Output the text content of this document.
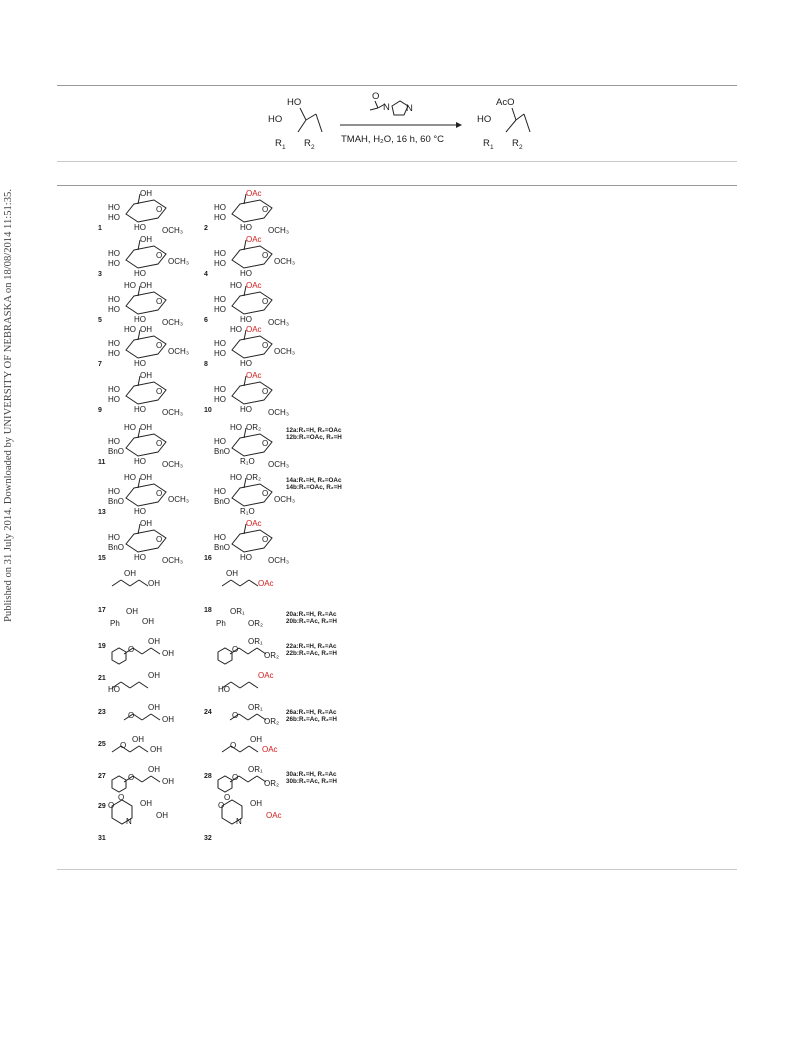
Published on 31 July 2014. Downloaded by UNIVERSITY OF NEBRASKA on 18/08/2014 11:51:35.
HO
HO
R 1 R 2
O
N N
TMAH, H₂O, 16 h, 60 °C
AcO
HO
R 1 R 2
1	2
O
OH
HO
HO
HO OCH₃
O
OAc
HO
HO
HO OCH₃
3	4
O
OH
HO
HO
HO
OCH₃
O
OAc
HO
HO
HO
OCH₃
5	6
O
OH
HO
HO
HO
HO OCH₃
O
OAc
HO
HO
HO
HO OCH₃
7	8
O
OH
HO
HO
HO
HO
OCH₃
O
OAc
HO
HO
HO
HO
OCH₃
9	10
O
OH
HO
HO
HO OCH₃
O
OAc
HO
HO
HO OCH₃
11
12a:R₁=H, R₂=OAc
12b:R₁=OAc, R₂=H
O
OH
HO
HO
BnO
HO OCH₃
O
OR₂
HO
HO
BnO
R₁O OCH₃
13
14a:R₁=H, R₂=OAc
14b:R₁=OAc, R₂=H
O
OH
HO
HO
BnO
HO
OCH₃
O
OR₂
HO
HO
BnO
R₁O
OCH₃
15	16
O
OH
HO
BnO
HO OCH₃
O
OAc
HO
BnO
HO OCH₃
17	18
OH
OH
OH
OAc
19
20a:R₁=H, R₂=Ac
20b:R₁=Ac, R₂=H
Ph
OH
OH	Ph
OR₁
OR₂
21
22a:R₁=H, R₂=Ac
22b:R₁=Ac, R₂=H
O
OH
OH	O
OR₁
OR₂
23	24
HO
OH
HO
OAc
25
26a:R₁=H, R₂=Ac
26b:R₁=Ac, R₂=H
O
OH
OH	O
OR₁
OR₂
27	28
O
OH
OH	O
OH
OAc
29
30a:R₁=H, R₂=Ac
30b:R₁=Ac, R₂=H
O	O
O
OH
OH	O
OR₁
OR₂
31	32
O
N
OH
OH
O
N
OH
OAc
